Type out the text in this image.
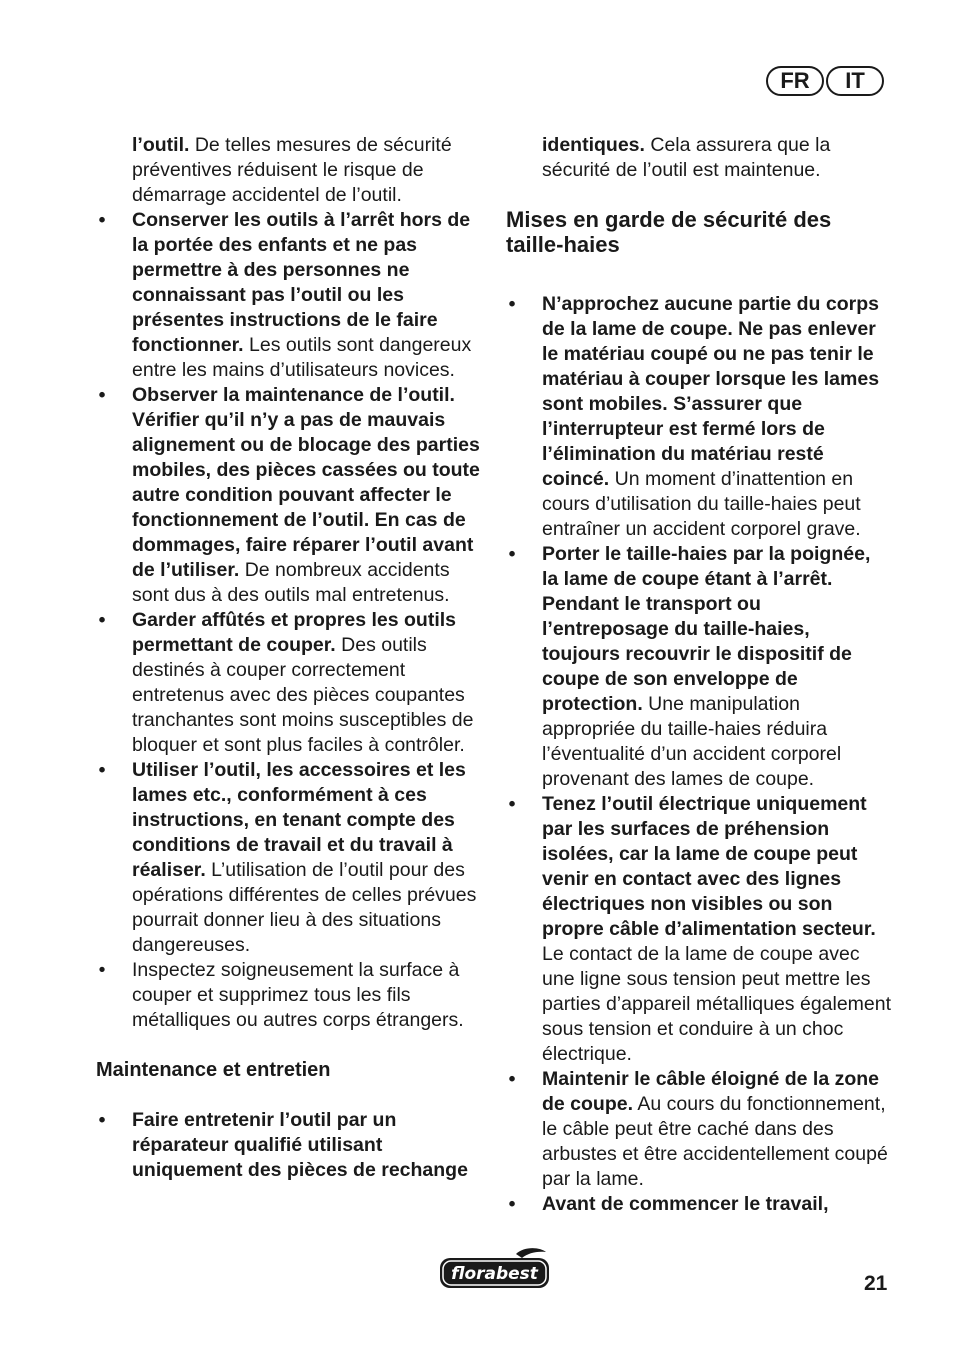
FR	IT

l’outil. De telles mesures de sécurité préventives réduisent le risque de démarrage accidentel de l’outil.

• Conserver les outils à l’arrêt hors de la portée des enfants et ne pas permettre à des personnes ne connaissant pas l’outil ou les présentes instructions de le faire fonctionner. Les outils sont dangereux entre les mains d’utilisateurs novices.
• Observer la maintenance de l’outil. Vérifier qu’il n’y a pas de mauvais alignement ou de blocage des parties mobiles, des pièces cassées ou toute autre condition pouvant affecter le fonctionnement de l’outil. En cas de dommages, faire réparer l’outil avant de l’utiliser. De nombreux accidents sont dus à des outils mal entretenus.
• Garder affûtés et propres les outils permettant de couper. Des outils destinés à couper correctement entretenus avec des pièces coupantes tranchantes sont moins susceptibles de bloquer et sont plus faciles à contrôler.
• Utiliser l’outil, les accessoires et les lames etc., conformément à ces instructions, en tenant compte des conditions de travail et du travail à réaliser. L’utilisation de l’outil pour des opérations différentes de celles prévues pourrait donner lieu à des situations dangereuses.
• Inspectez soigneusement la surface à couper et supprimez tous les fils métalliques ou autres corps étrangers.
Maintenance et entretien
• Faire entretenir l’outil par un réparateur qualifié utilisant uniquement des pièces de rechange

identiques. Cela assurera que la sécurité de l’outil est maintenue.

Mises en garde de sécurité des taille-haies
• N’approchez aucune partie du corps de la lame de coupe. Ne pas enlever le matériau coupé ou ne pas tenir le matériau à couper lorsque les lames sont mobiles. S’assurer que l’interrupteur est fermé lors de l’élimination du matériau resté coincé. Un moment d’inattention en cours d’utilisation du taille-haies peut entraîner un accident corporel grave.
• Porter le taille-haies par la poignée, la lame de coupe étant à l’arrêt. Pendant le transport ou l’entreposage du taille-haies, toujours recouvrir le dispositif de coupe de son enveloppe de protection. Une manipulation appropriée du taille-haies réduira l’éventualité d’un accident corporel provenant des lames de coupe.
• Tenez l’outil électrique uniquement par les surfaces de préhension isolées, car la lame de coupe peut venir en contact avec des lignes électriques non visibles ou son propre câble d’alimentation secteur. Le contact de la lame de coupe avec une ligne sous tension peut mettre les parties d’appareil métalliques également sous tension et conduire à un choc électrique.
• Maintenir le câble éloigné de la zone de coupe. Au cours du fonctionnement, le câble peut être caché dans des arbustes et être accidentellement coupé par la lame.
• Avant de commencer le travail,
florabest	21
